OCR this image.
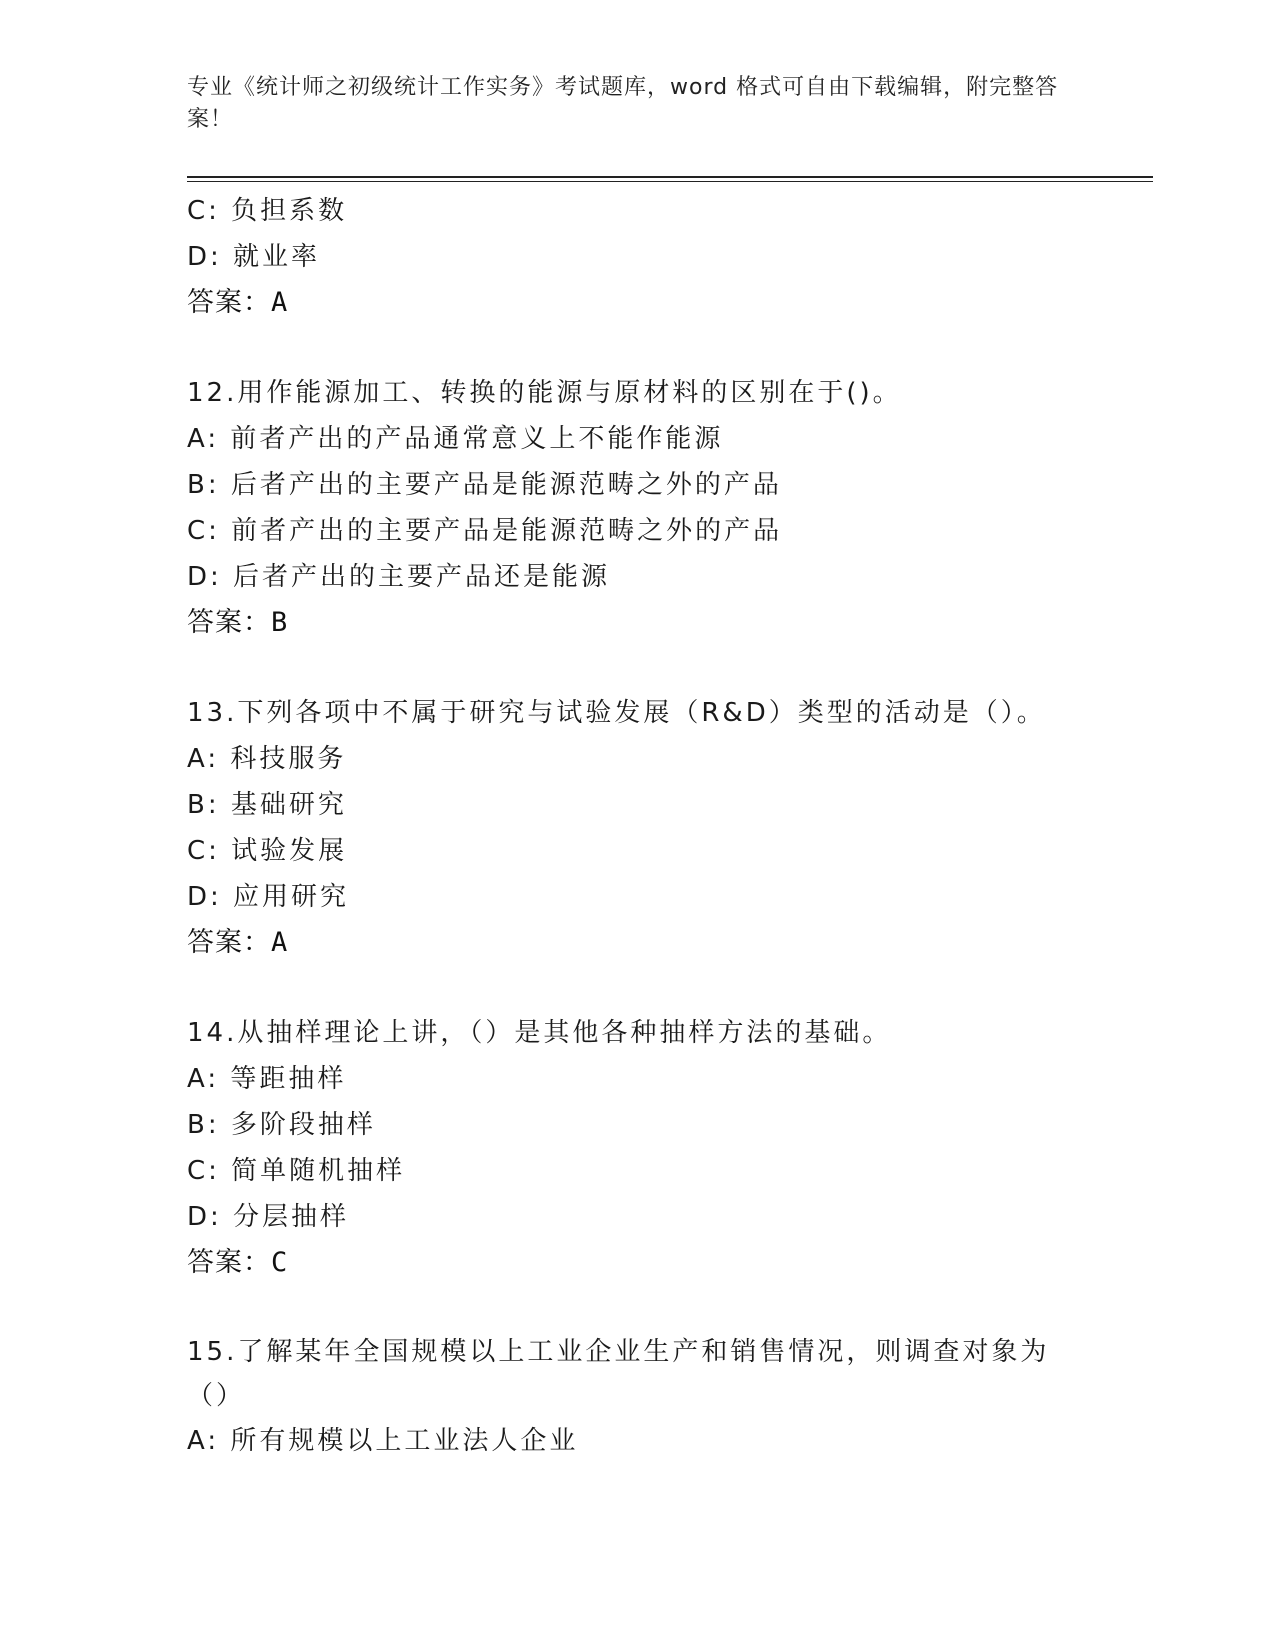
专业《统计师之初级统计工作实务》考试题库，word 格式可自由下载编辑，附完整答案！
C: 负担系数
D: 就业率
答案：A
12.用作能源加工、转换的能源与原材料的区别在于()。
A: 前者产出的产品通常意义上不能作能源
B: 后者产出的主要产品是能源范畴之外的产品
C: 前者产出的主要产品是能源范畴之外的产品
D: 后者产出的主要产品还是能源
答案：B
13.下列各项中不属于研究与试验发展（R&D）类型的活动是（）。
A: 科技服务
B: 基础研究
C: 试验发展
D: 应用研究
答案：A
14.从抽样理论上讲，（）是其他各种抽样方法的基础。
A: 等距抽样
B: 多阶段抽样
C: 简单随机抽样
D: 分层抽样
答案：C
15.了解某年全国规模以上工业企业生产和销售情况，则调查对象为（）
A: 所有规模以上工业法人企业
